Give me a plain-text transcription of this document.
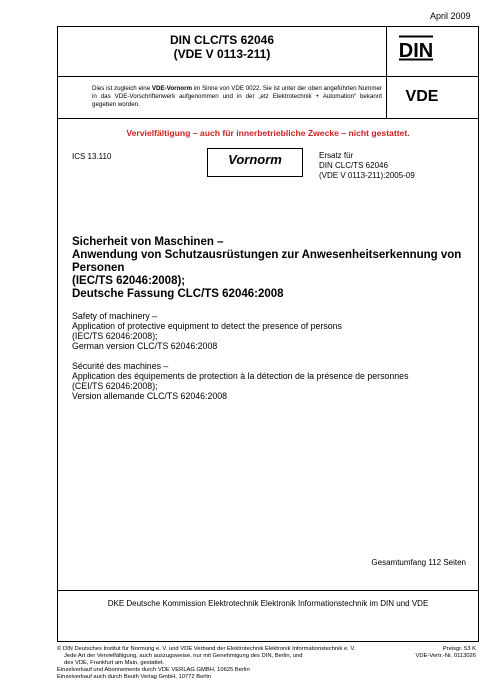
April 2009
DIN CLC/TS 62046
(VDE V 0113-211)	DIN
Dies ist zugleich eine VDE-Vornorm im Sinne von VDE 0022. Sie ist unter der oben angeführten Nummer in das VDE-Vorschriftenwerk aufgenommen und in der „etz Elektrotechnik + Automation“ bekannt gegeben worden.	VDE
Vervielfältigung – auch für innerbetriebliche Zwecke – nicht gestattet.
ICS 13.110	Vornorm	Ersatz für
DIN CLC/TS 62046
(VDE V 0113-211):2005-09
Sicherheit von Maschinen –
Anwendung von Schutzausrüstungen zur Anwesenheitserkennung von
Personen
(IEC/TS 62046:2008);
Deutsche Fassung CLC/TS 62046:2008
Safety of machinery –
Application of protective equipment to detect the presence of persons
(IEC/TS 62046:2008);
German version CLC/TS 62046:2008
Sécurité des machines –
Application des équipements de protection à la détection de la présence de personnes
(CEI/TS 62046:2008);
Version allemande CLC/TS 62046:2008
Gesamtumfang 112 Seiten
DKE Deutsche Kommission Elektrotechnik Elektronik Informationstechnik im DIN und VDE
© DIN Deutsches Institut für Normung e. V. und VDE Verband der Elektrotechnik Elektronik Informationstechnik e. V.
Jede Art der Vervielfältigung, auch auszugsweise, nur mit Genehmigung des DIN, Berlin, und
des VDE, Frankfurt am Main, gestattet.
Einzelverkauf und Abonnements durch VDE VERLAG GMBH, 10625 Berlin
Einzelverkauf auch durch Beuth Verlag GmbH, 10772 Berlin
Preisgr. 53 K
VDE-Vertr.-Nr. 0113026
